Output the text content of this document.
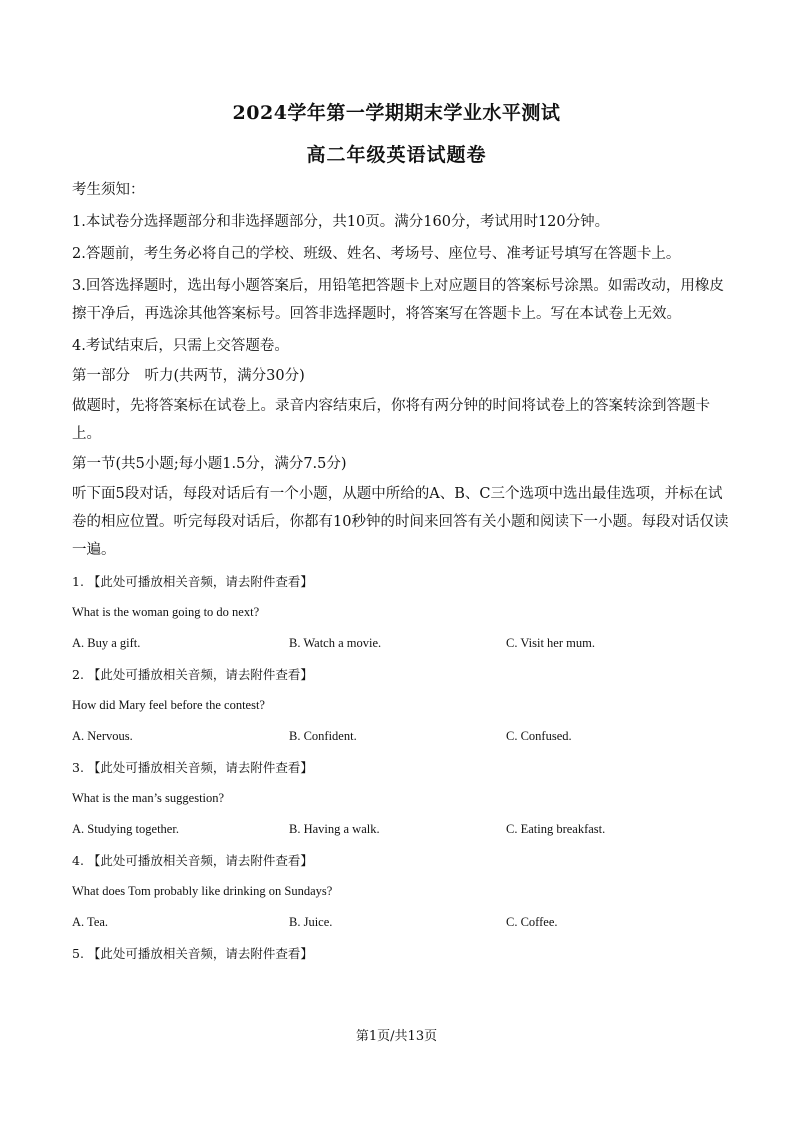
2024学年第一学期期末学业水平测试
高二年级英语试题卷

考生须知：

1.本试卷分选择题部分和非选择题部分，共10页。满分160分，考试用时120分钟。

2.答题前，考生务必将自己的学校、班级、姓名、考场号、座位号、准考证号填写在答题卡上。

3.回答选择题时，选出每小题答案后，用铅笔把答题卡上对应题目的答案标号涂黑。如需改动，用橡皮擦干净后，再选涂其他答案标号。回答非选择题时，将答案写在答题卡上。写在本试卷上无效。

4.考试结束后，只需上交答题卷。

第一部分　听力(共两节，满分30分)

做题时，先将答案标在试卷上。录音内容结束后，你将有两分钟的时间将试卷上的答案转涂到答题卡上。

第一节(共5小题;每小题1.5分，满分7.5分)

听下面5段对话，每段对话后有一个小题，从题中所给的A、B、C三个选项中选出最佳选项，并标在试卷的相应位置。听完每段对话后，你都有10秒钟的时间来回答有关小题和阅读下一小题。每段对话仅读一遍。

1. 【此处可播放相关音频，请去附件查看】
What is the woman going to do next?
A. Buy a gift.	B. Watch a movie.	C. Visit her mum.
2. 【此处可播放相关音频，请去附件查看】
How did Mary feel before the contest?
A. Nervous.	B. Confident.	C. Confused.
3. 【此处可播放相关音频，请去附件查看】
What is the man’s suggestion?
A. Studying together.	B. Having a walk.	C. Eating breakfast.
4. 【此处可播放相关音频，请去附件查看】
What does Tom probably like drinking on Sundays?
A. Tea.	B. Juice.	C. Coffee.
5. 【此处可播放相关音频，请去附件查看】
第1页/共13页
